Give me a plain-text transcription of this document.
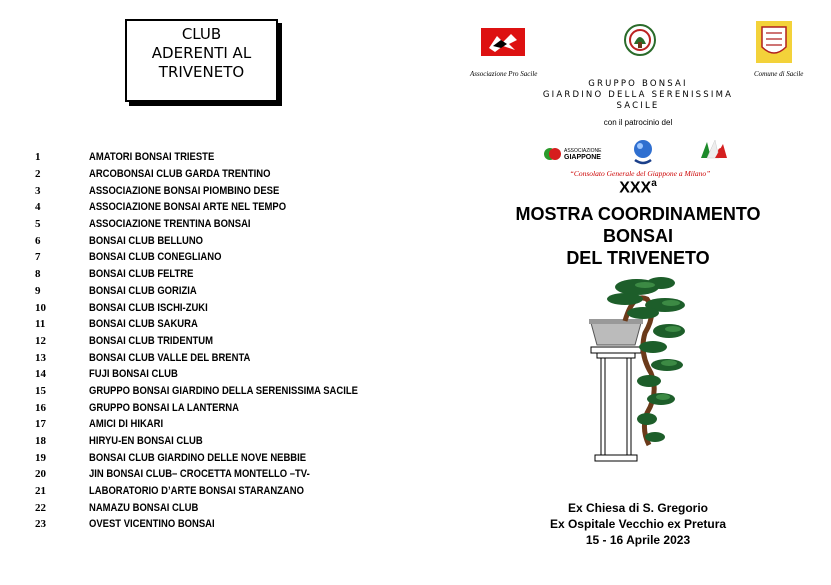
CLUB
ADERENTI AL
TRIVENETO
1	AMATORI BONSAI TRIESTE
2	ARCOBONSAI CLUB GARDA TRENTINO
3	ASSOCIAZIONE BONSAI PIOMBINO DESE
4	ASSOCIAZIONE BONSAI ARTE NEL TEMPO
5	ASSOCIAZIONE TRENTINA BONSAI
6	BONSAI CLUB BELLUNO
7	BONSAI CLUB CONEGLIANO
8	BONSAI CLUB FELTRE
9	BONSAI CLUB GORIZIA
10	BONSAI CLUB ISCHI-ZUKI
11	BONSAI CLUB SAKURA
12	BONSAI CLUB TRIDENTUM
13	BONSAI CLUB VALLE DEL BRENTA
14	FUJI BONSAI CLUB
15	GRUPPO BONSAI GIARDINO DELLA SERENISSIMA SACILE
16	GRUPPO BONSAI LA LANTERNA
17	AMICI DI HIKARI
18	HIRYU-EN BONSAI CLUB
19	BONSAI CLUB GIARDINO DELLE NOVE NEBBIE
20	JIN BONSAI CLUB– CROCETTA MONTELLO –TV-
21	LABORATORIO D’ARTE BONSAI STARANZANO
22	NAMAZU BONSAI CLUB
23	OVEST VICENTINO BONSAI
Associazione Pro Sacile	Comune di Sacile
GRUPPO BONSAI
GIARDINO DELLA SERENISSIMA
SACILE
con il patrocinio del
ASSOCIAZIONE
GIAPPONE
“Consolato Generale del Giappone a Milano”
XXX$^a$
MOSTRA COORDINAMENTO
BONSAI
DEL TRIVENETO
Ex Chiesa di S. Gregorio
Ex Ospitale Vecchio ex Pretura
15 - 16 Aprile 2023
